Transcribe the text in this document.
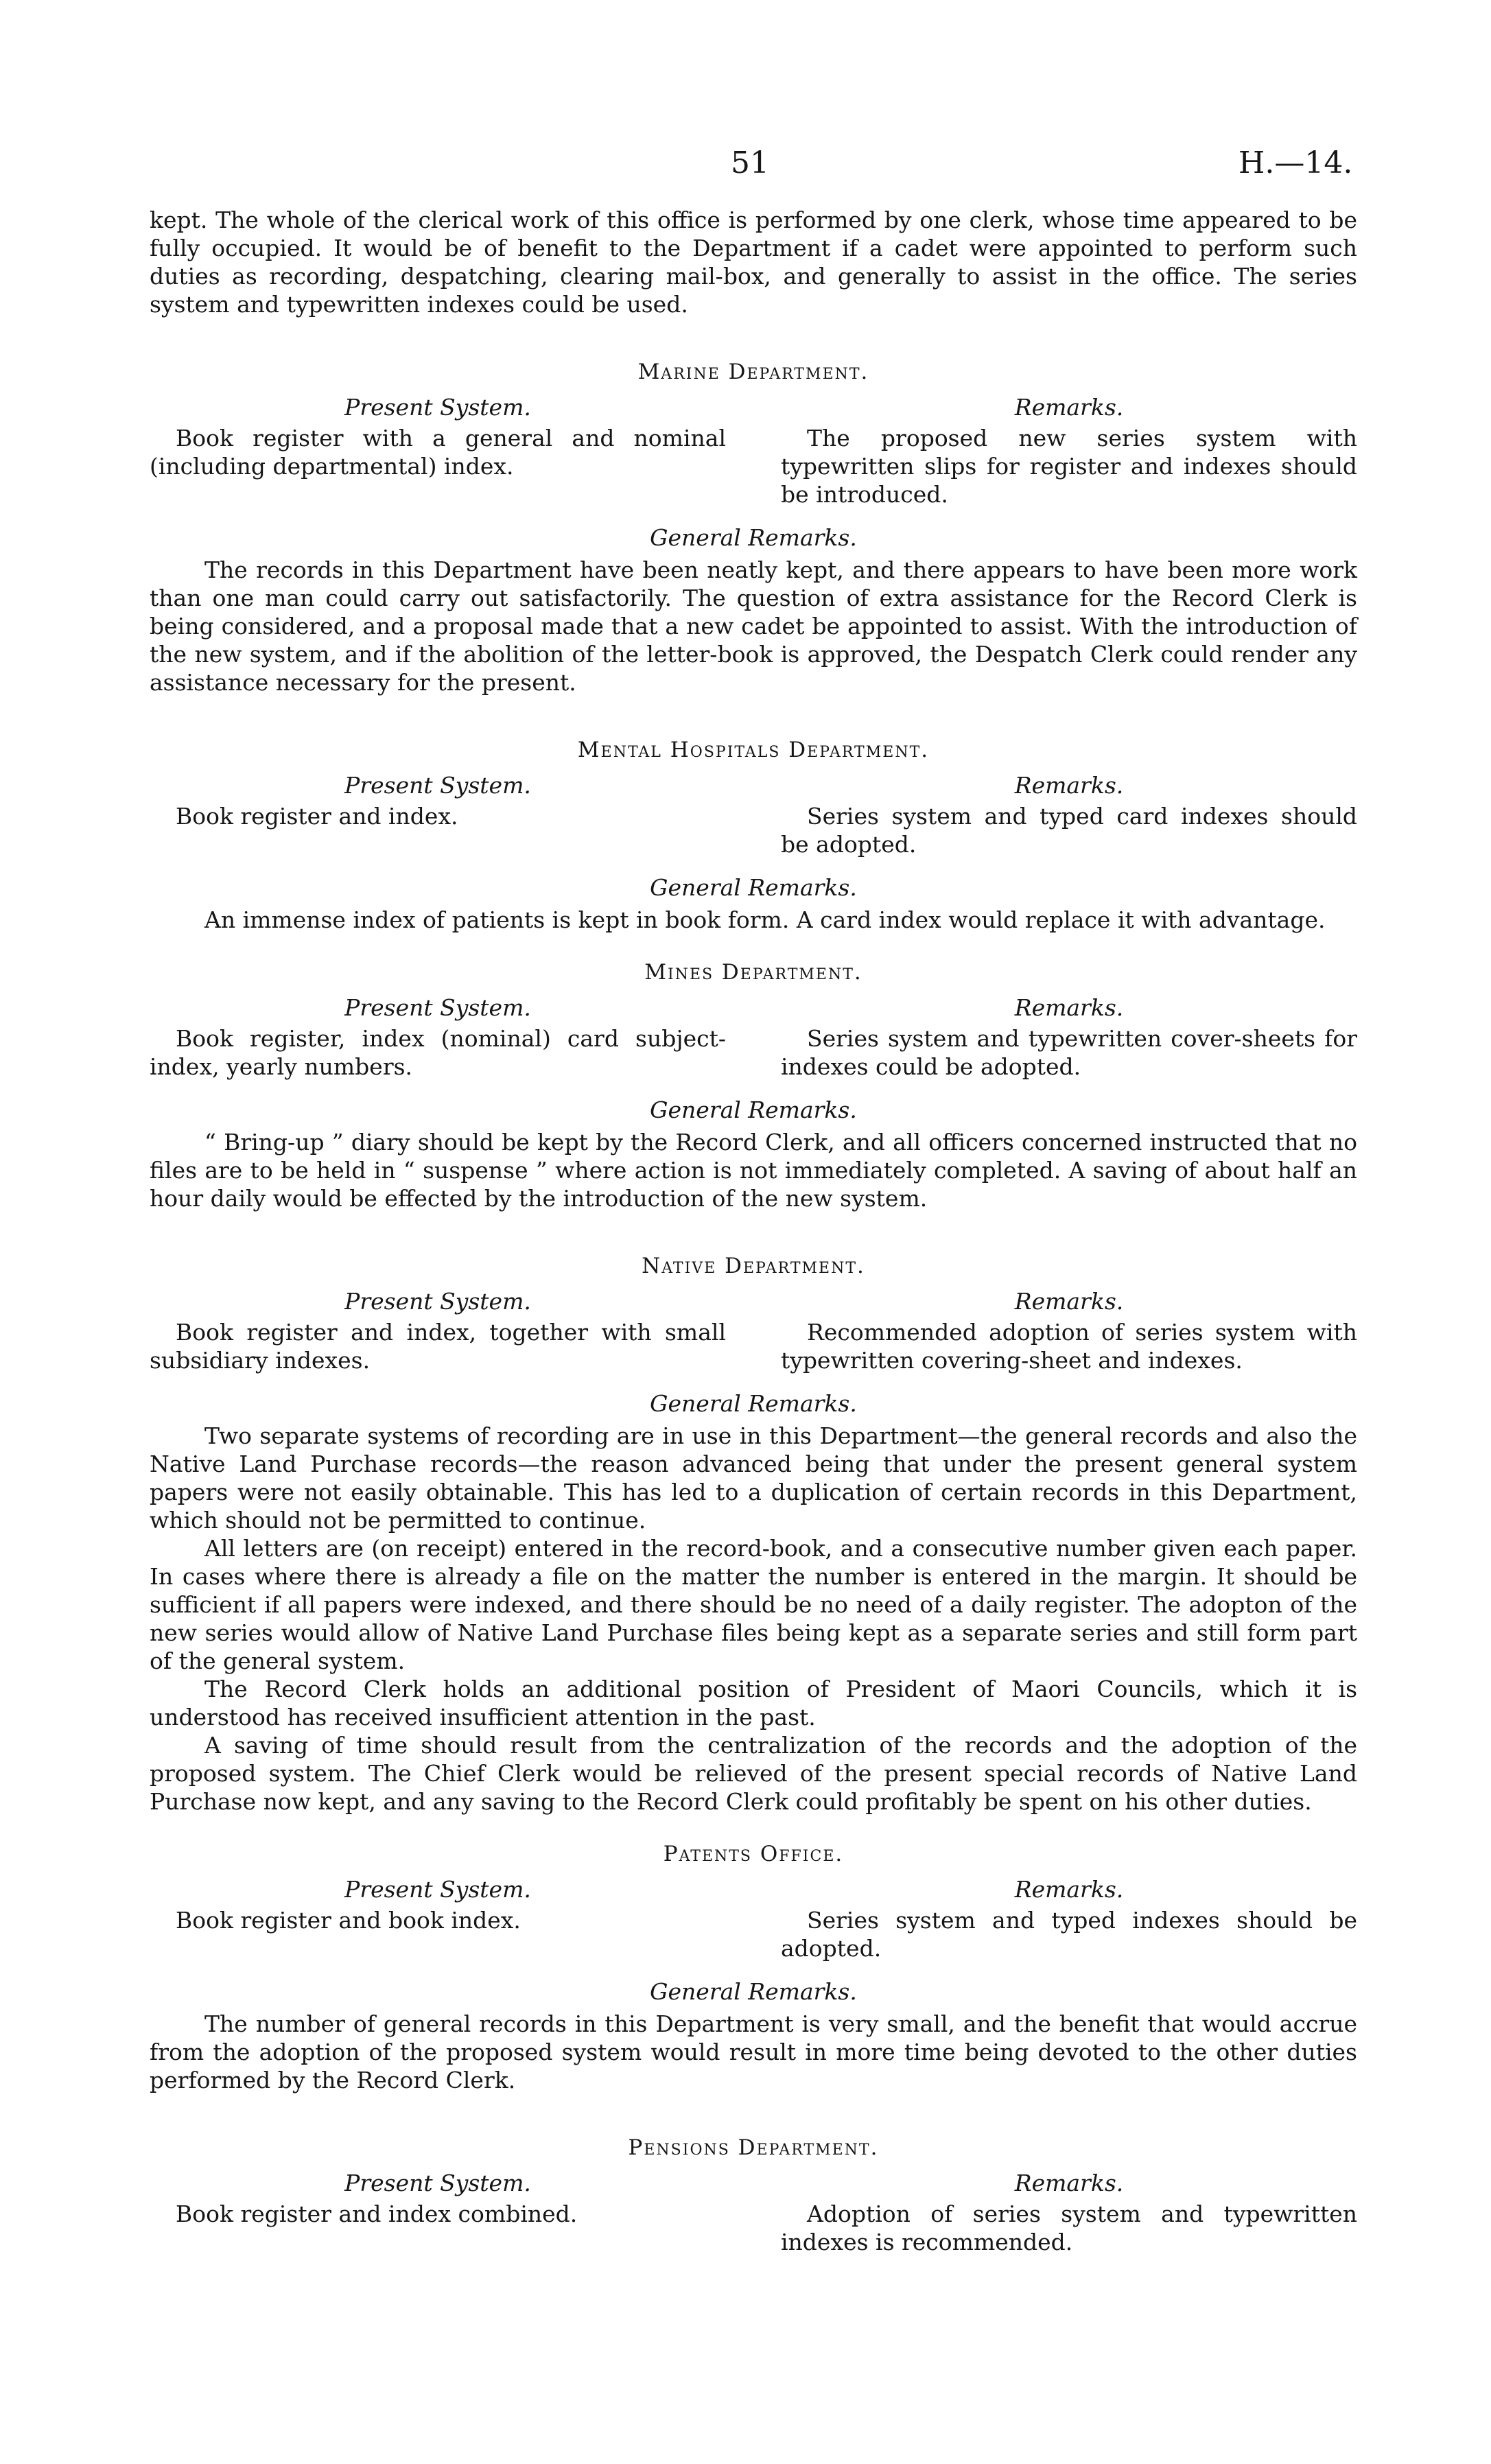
51	H.—14.

kept. The whole of the clerical work of this office is performed by one clerk, whose time appeared to be fully occupied. It would be of benefit to the Department if a cadet were appointed to perform such duties as recording, despatching, clearing mail-box, and generally to assist in the office. The series system and typewritten indexes could be used.

Marine Department.
Present System.

Book register with a general and nominal (including departmental) index.

Remarks.

The proposed new series system with typewritten slips for register and indexes should be introduced.

General Remarks.

The records in this Department have been neatly kept, and there appears to have been more work than one man could carry out satisfactorily. The question of extra assistance for the Record Clerk is being considered, and a proposal made that a new cadet be appointed to assist. With the introduction of the new system, and if the abolition of the letter-book is approved, the Despatch Clerk could render any assistance necessary for the present.

Mental Hospitals Department.
Present System.

Book register and index.

Remarks.

Series system and typed card indexes should be adopted.

General Remarks.

An immense index of patients is kept in book form. A card index would replace it with advantage.

Mines Department.
Present System.

Book register, index (nominal) card subject-index, yearly numbers.

Remarks.

Series system and typewritten cover-sheets for indexes could be adopted.

General Remarks.

“ Bring-up ” diary should be kept by the Record Clerk, and all officers concerned instructed that no files are to be held in “ suspense ” where action is not immediately completed. A saving of about half an hour daily would be effected by the introduction of the new system.

Native Department.
Present System.

Book register and index, together with small subsidiary indexes.

Remarks.

Recommended adoption of series system with typewritten covering-sheet and indexes.

General Remarks.

Two separate systems of recording are in use in this Department—the general records and also the Native Land Purchase records—the reason advanced being that under the present general system papers were not easily obtainable. This has led to a duplication of certain records in this Department, which should not be permitted to continue.

All letters are (on receipt) entered in the record-book, and a consecutive number given each paper. In cases where there is already a file on the matter the number is entered in the margin. It should be sufficient if all papers were indexed, and there should be no need of a daily register. The adopton of the new series would allow of Native Land Purchase files being kept as a separate series and still form part of the general system.

The Record Clerk holds an additional position of President of Maori Councils, which it is understood has received insufficient attention in the past.

A saving of time should result from the centralization of the records and the adoption of the proposed system. The Chief Clerk would be relieved of the present special records of Native Land Purchase now kept, and any saving to the Record Clerk could profitably be spent on his other duties.

Patents Office.
Present System.

Book register and book index.

Remarks.

Series system and typed indexes should be adopted.

General Remarks.

The number of general records in this Department is very small, and the benefit that would accrue from the adoption of the proposed system would result in more time being devoted to the other duties performed by the Record Clerk.

Pensions Department.
Present System.

Book register and index combined.

Remarks.

Adoption of series system and typewritten indexes is recommended.
